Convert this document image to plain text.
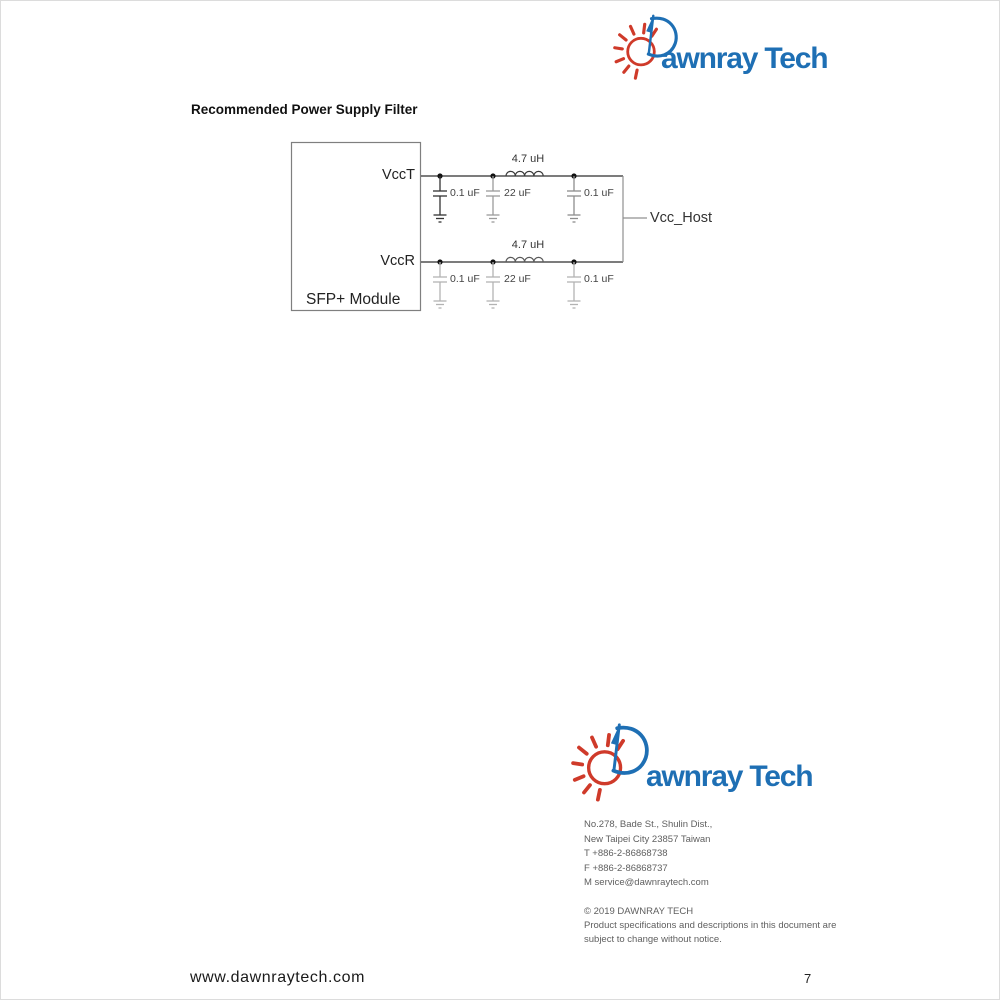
awnray Tech
Recommended Power Supply Filter
VccT
VccR
SFP+ Module
4.7 uH
4.7 uH
0.1 uF 22 uF	0.1 uF
0.1 uF 22 uF	0.1 uF
Vcc_Host
awnray Tech
No.278, Bade St., Shulin Dist.,
New Taipei City 23857 Taiwan
T +886-2-86868738
F +886-2-86868737
M service@dawnraytech.com
© 2019 DAWNRAY TECH
Product specifications and descriptions in this document are
subject to change without notice.
www.dawnraytech.com	7
